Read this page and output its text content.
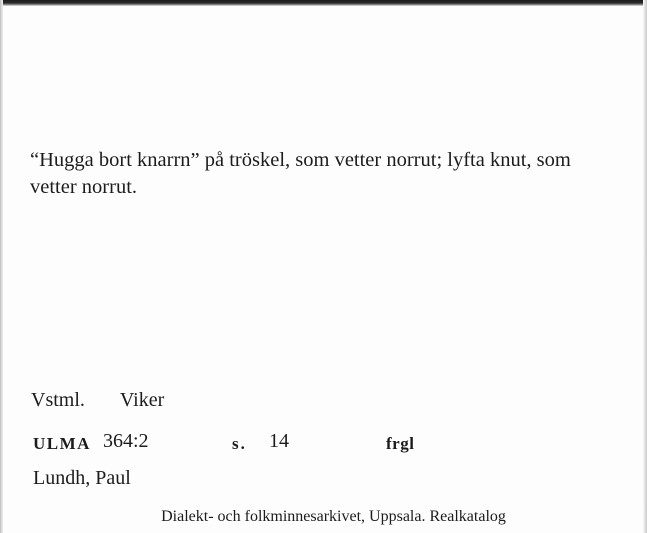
“Hugga bort knarrn” på tröskel, som vetter norrut; lyfta knut, som vetter norrut.

Vstml. Viker
ULMA 364:2	s. 14	frgl
Lundh, Paul
Dialekt- och folkminnesarkivet, Uppsala. Realkatalog
